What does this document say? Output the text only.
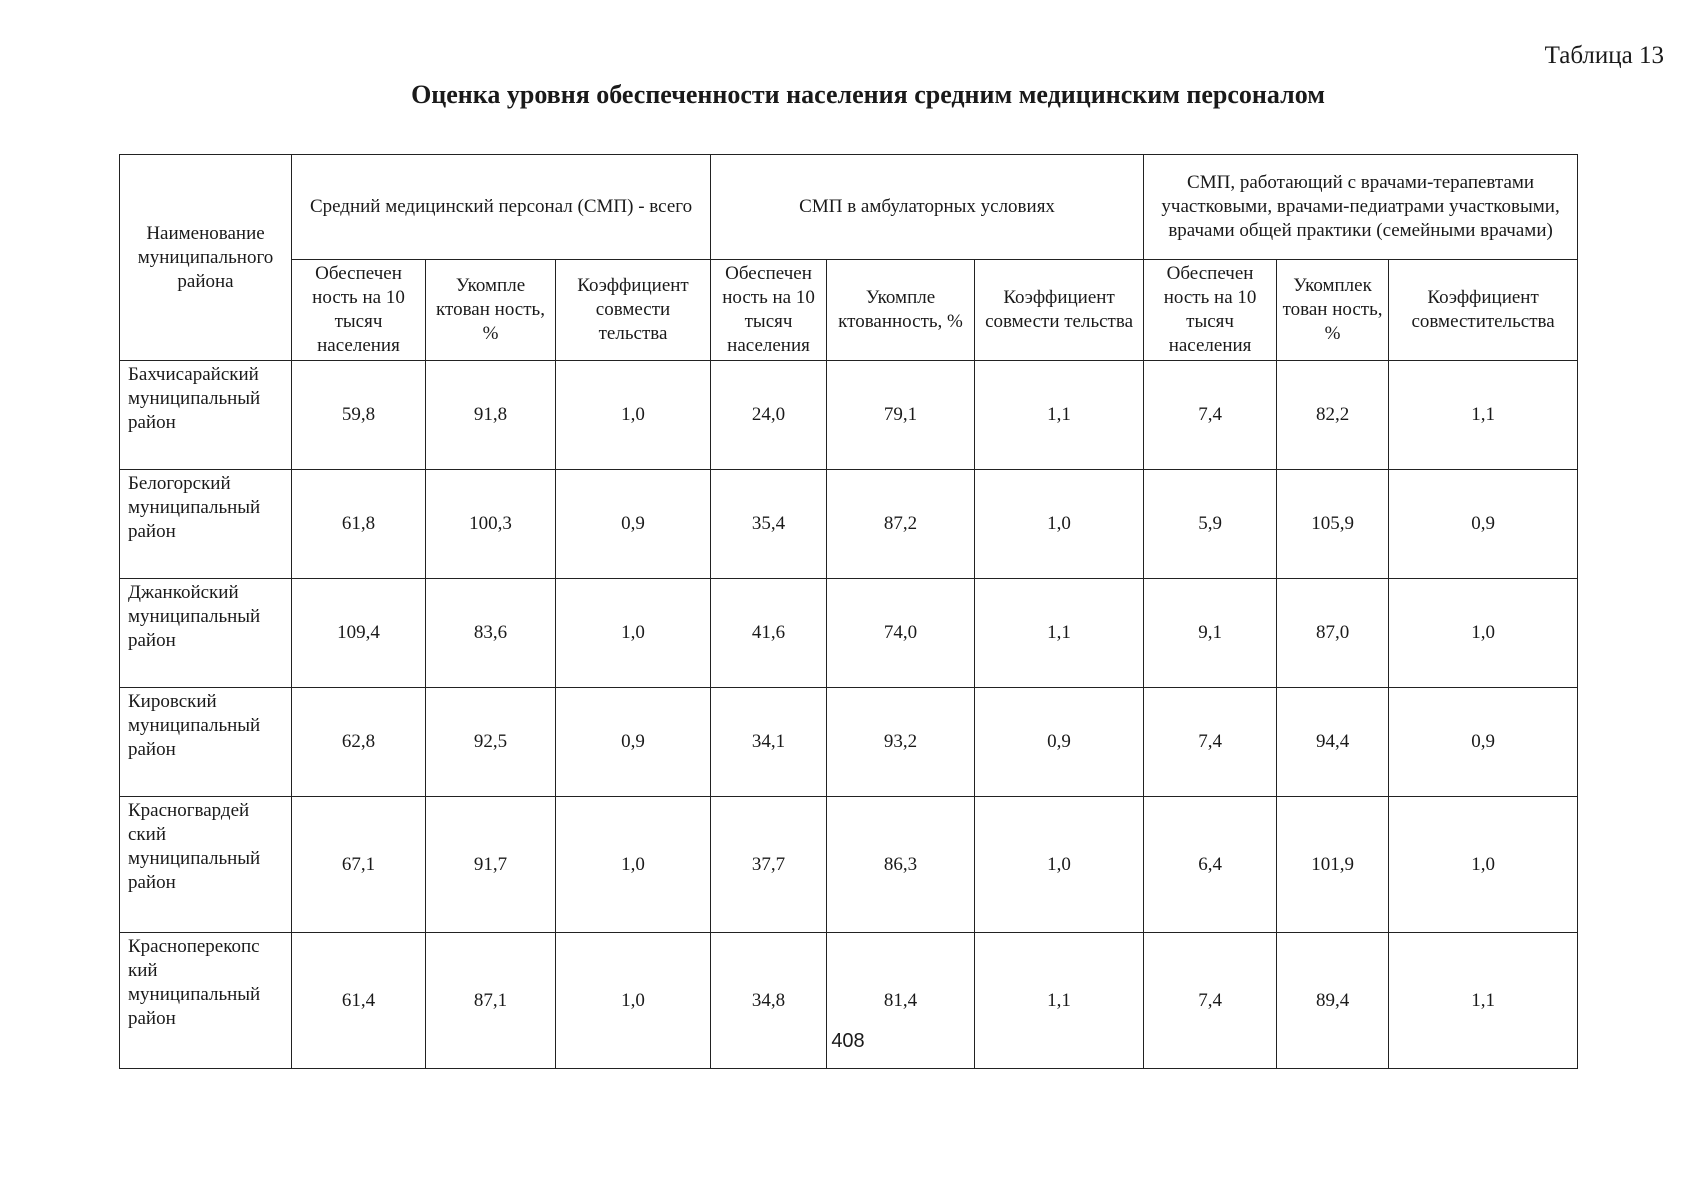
Таблица 13
Оценка уровня обеспеченности населения средним медицинским персоналом
Наименование муниципального района	Средний медицинский персонал (СМП) - всего			СМП в амбулаторных условиях			СМП, работающий с врачами-терапевтами участковыми, врачами-педиатрами участковыми, врачами общей практики (семейными врачами)		
	Обеспечен ность на 10 тысяч населения	Укомпле ктован ность, %	Коэффициент совмести тельства	Обеспечен ность на 10 тысяч населения	Укомпле ктованность, %	Коэффициент совмести тельства	Обеспечен ность на 10 тысяч населения	Укомплек тован ность, %	Коэффициент совместительства
Бахчисарайский муниципальный район	59,8	91,8	1,0	24,0	79,1	1,1	7,4	82,2	1,1
Белогорский муниципальный район	61,8	100,3	0,9	35,4	87,2	1,0	5,9	105,9	0,9
Джанкойский муниципальный район	109,4	83,6	1,0	41,6	74,0	1,1	9,1	87,0	1,0
Кировский муниципальный район	62,8	92,5	0,9	34,1	93,2	0,9	7,4	94,4	0,9
Красногвардей ский муниципальный район	67,1	91,7	1,0	37,7	86,3	1,0	6,4	101,9	1,0
Красноперекопс кий муниципальный район	61,4	87,1	1,0	34,8	81,4	1,1	7,4	89,4	1,1
408
